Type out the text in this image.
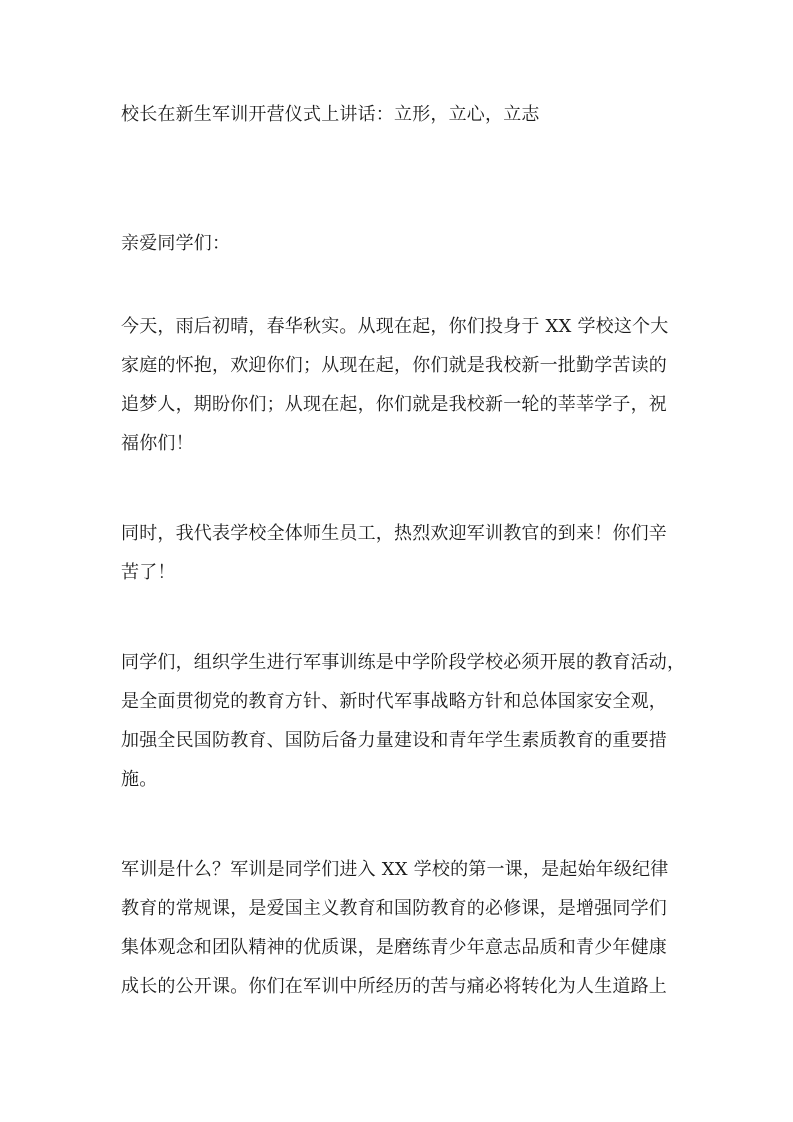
校长在新生军训开营仪式上讲话：立形，立心，立志
亲爱同学们：
今天，雨后初晴，春华秋实。从现在起，你们投身于 XX 学校这个大
家庭的怀抱，欢迎你们；从现在起，你们就是我校新一批勤学苦读的
追梦人，期盼你们；从现在起，你们就是我校新一轮的莘莘学子，祝
福你们！
同时，我代表学校全体师生员工，热烈欢迎军训教官的到来！你们辛
苦了！
同学们，组织学生进行军事训练是中学阶段学校必须开展的教育活动，
是全面贯彻党的教育方针、新时代军事战略方针和总体国家安全观，
加强全民国防教育、国防后备力量建设和青年学生素质教育的重要措
施。
军训是什么？军训是同学们进入 XX 学校的第一课，是起始年级纪律
教育的常规课，是爱国主义教育和国防教育的必修课，是增强同学们
集体观念和团队精神的优质课，是磨练青少年意志品质和青少年健康
成长的公开课。你们在军训中所经历的苦与痛必将转化为人生道路上
